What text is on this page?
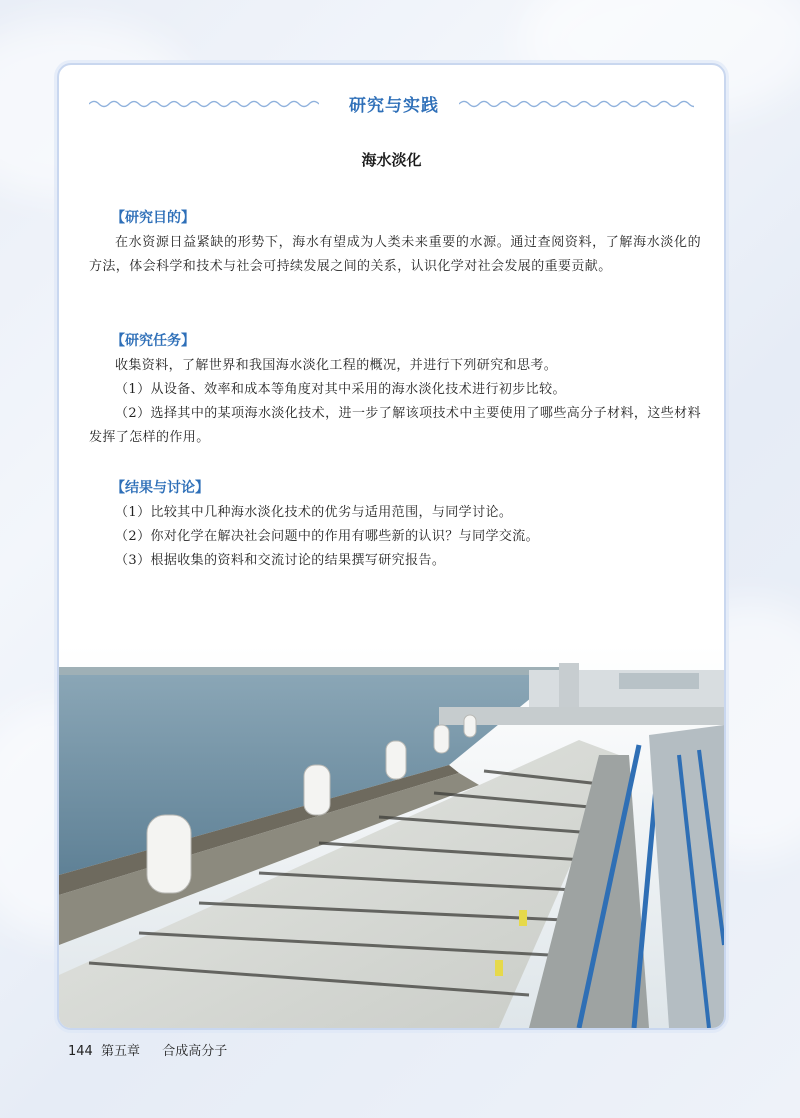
研究与实践
海水淡化
【研究目的】
在水资源日益紧缺的形势下，海水有望成为人类未来重要的水源。通过查阅资料，了解海水淡化的方法，体会科学和技术与社会可持续发展之间的关系，认识化学对社会发展的重要贡献。
【研究任务】
收集资料，了解世界和我国海水淡化工程的概况，并进行下列研究和思考。
（1）从设备、效率和成本等角度对其中采用的海水淡化技术进行初步比较。
（2）选择其中的某项海水淡化技术，进一步了解该项技术中主要使用了哪些高分子材料，这些材料发挥了怎样的作用。
【结果与讨论】
（1）比较其中几种海水淡化技术的优劣与适用范围，与同学讨论。
（2）你对化学在解决社会问题中的作用有哪些新的认识？与同学交流。
（3）根据收集的资料和交流讨论的结果撰写研究报告。
144 第五章 合成高分子
